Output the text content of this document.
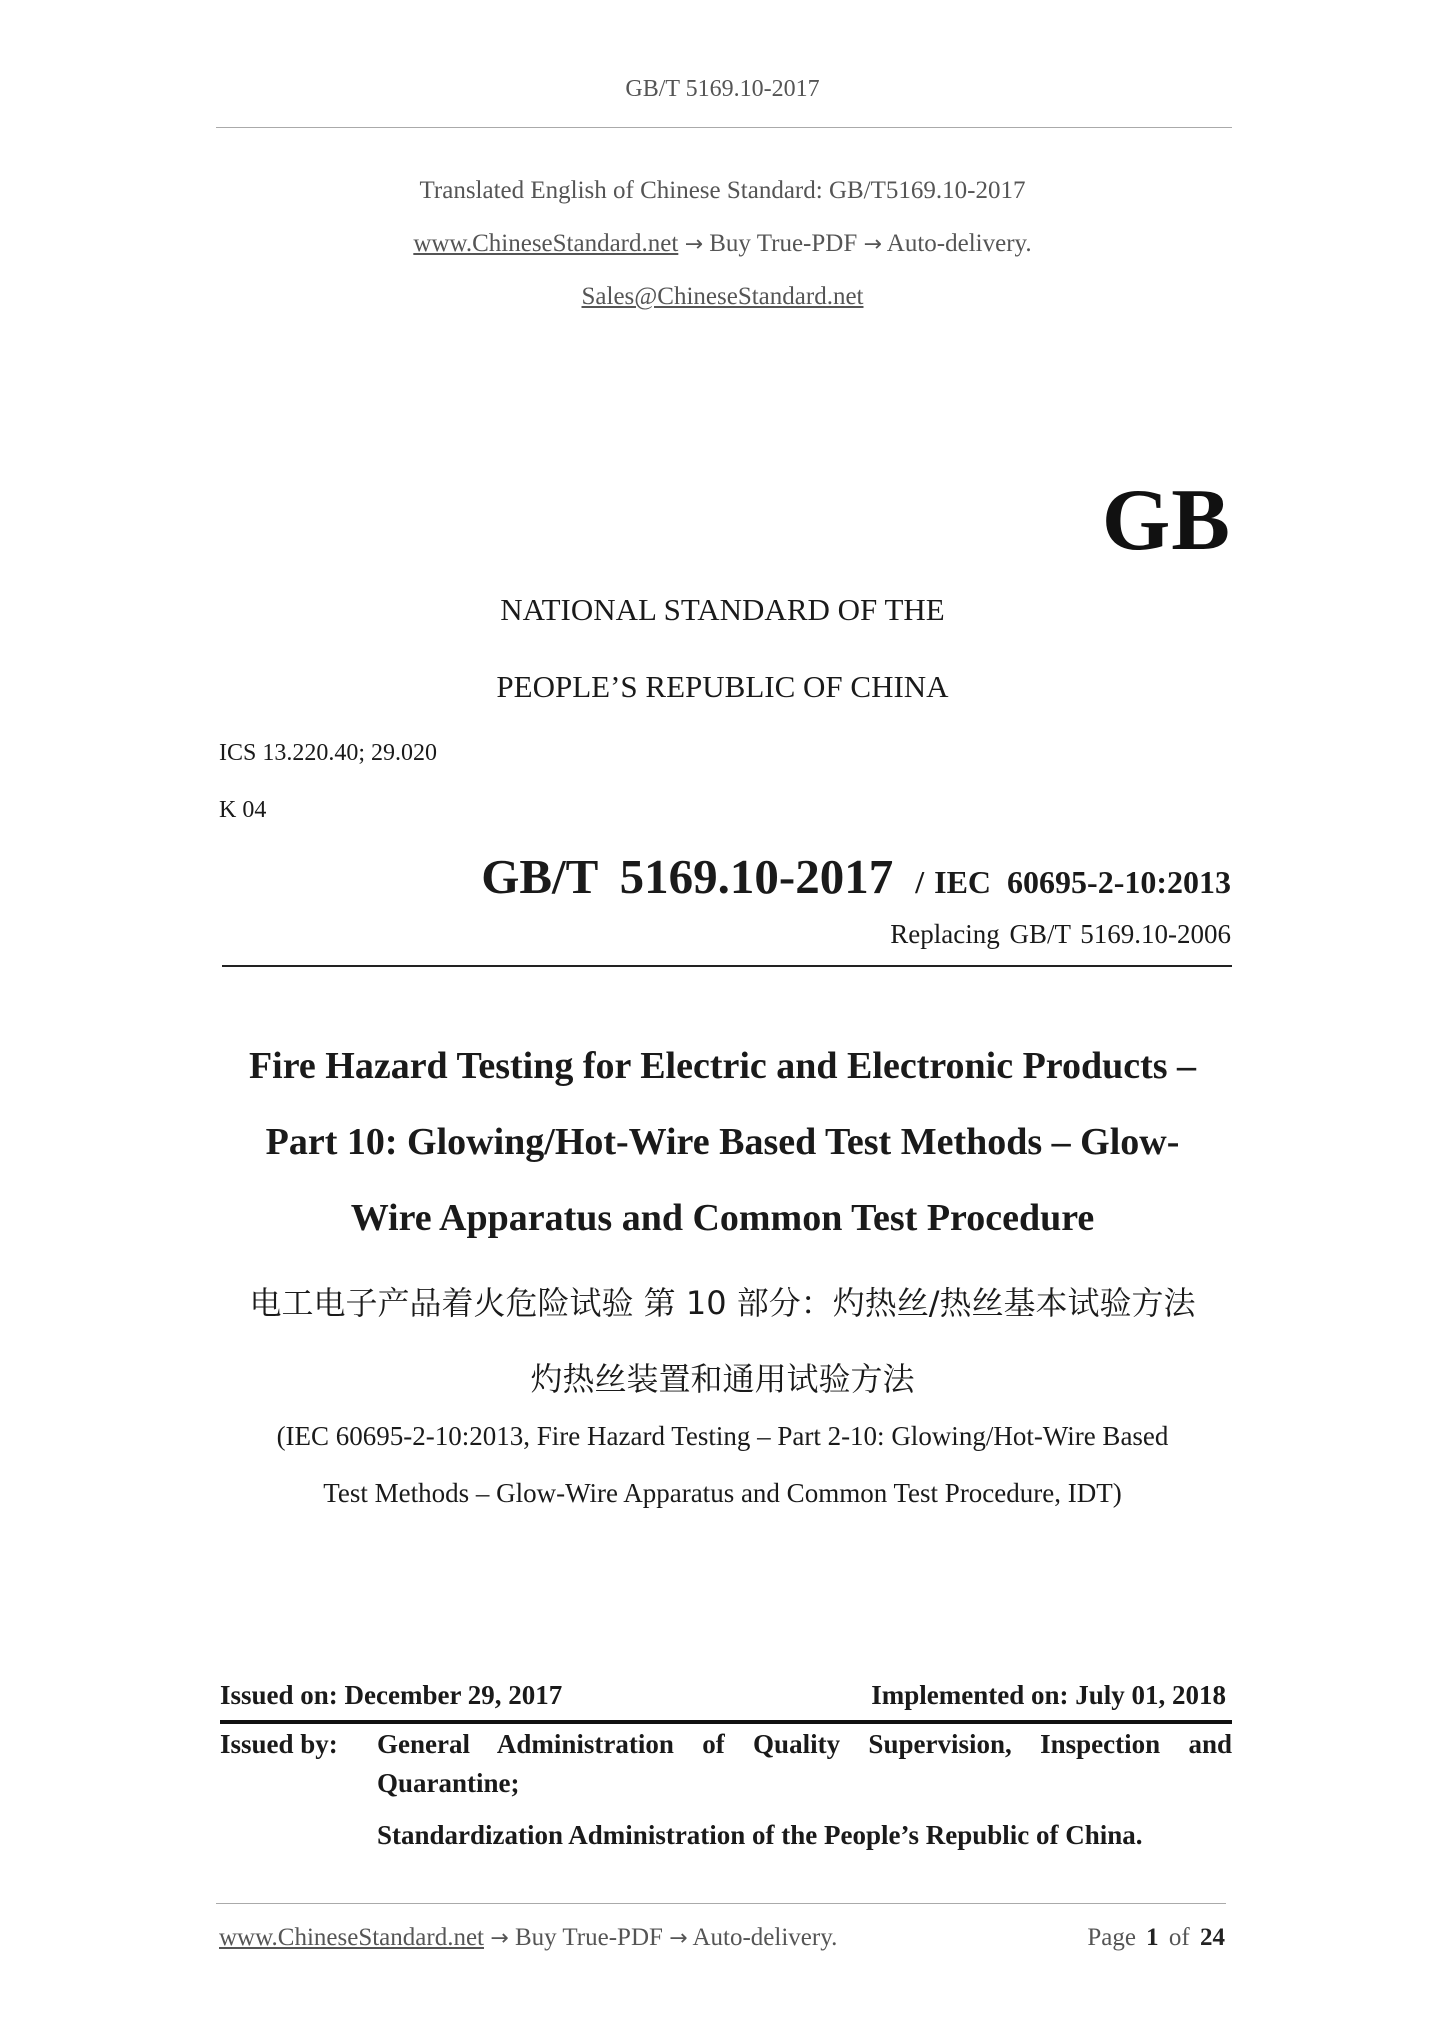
GB/T 5169.10-2017
Translated English of Chinese Standard: GB/T5169.10-2017
www.ChineseStandard.net → Buy True-PDF → Auto-delivery.
Sales@ChineseStandard.net
GB
NATIONAL STANDARD OF THE
PEOPLE’S REPUBLIC OF CHINA
ICS 13.220.40; 29.020
K 04
GB/T 5169.10-2017 / IEC 60695-2-10:2013
Replacing GB/T 5169.10-2006
Fire Hazard Testing for Electric and Electronic Products –
Part 10: Glowing/Hot-Wire Based Test Methods – Glow-
Wire Apparatus and Common Test Procedure
电工电子产品着火危险试验 第 10 部分：灼热丝/热丝基本试验方法
灼热丝装置和通用试验方法
(IEC 60695-2-10:2013, Fire Hazard Testing – Part 2-10: Glowing/Hot-Wire Based
Test Methods – Glow-Wire Apparatus and Common Test Procedure, IDT)
Issued on: December 29, 2017	Implemented on: July 01, 2018
Issued by: General Administration of Quality Supervision, Inspection and
Quarantine;
Standardization Administration of the People’s Republic of China.
www.ChineseStandard.net → Buy True-PDF → Auto-delivery.	Page 1 of 24
